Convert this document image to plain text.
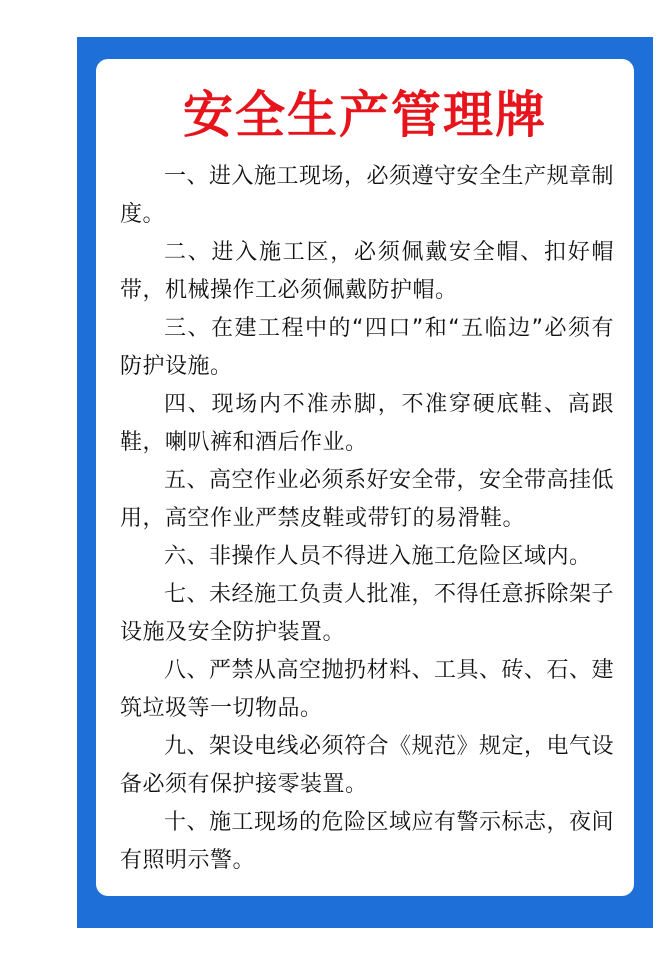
安全生产管理牌
一、进入施工现场，必须遵守安全生产规章制度。
二、进入施工区，必须佩戴安全帽、扣好帽带，机械操作工必须佩戴防护帽。
三、在建工程中的“四口”和“五临边”必须有防护设施。
四、现场内不准赤脚，不准穿硬底鞋、高跟鞋，喇叭裤和酒后作业。
五、高空作业必须系好安全带，安全带高挂低用，高空作业严禁皮鞋或带钉的易滑鞋。
六、非操作人员不得进入施工危险区域内。
七、未经施工负责人批准，不得任意拆除架子设施及安全防护装置。
八、严禁从高空抛扔材料、工具、砖、石、建筑垃圾等一切物品。
九、架设电线必须符合《规范》规定，电气设备必须有保护接零装置。
十、施工现场的危险区域应有警示标志，夜间有照明示警。
